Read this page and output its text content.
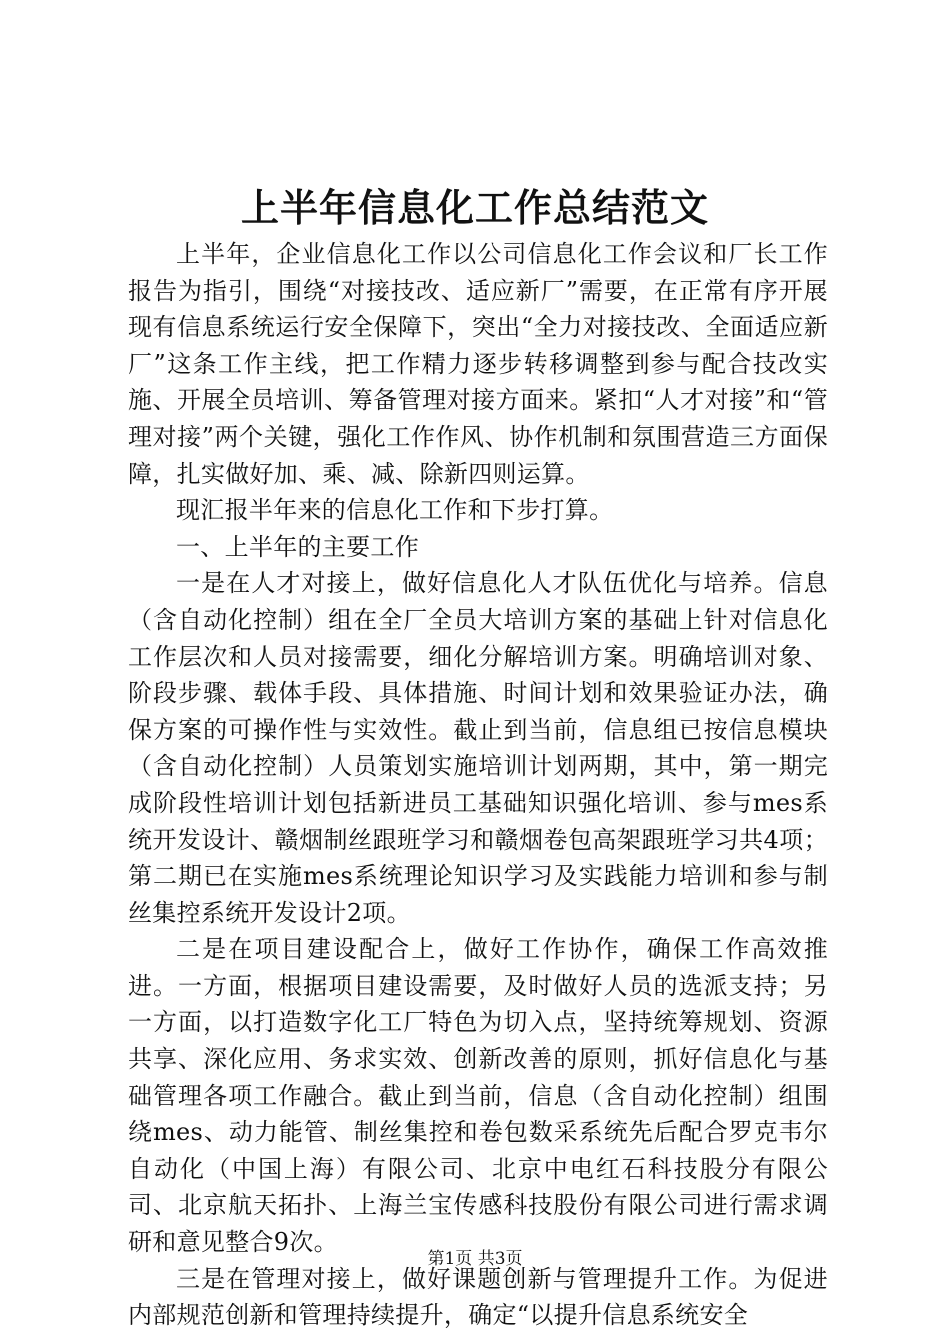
上半年信息化工作总结范文

上半年，企业信息化工作以公司信息化工作会议和厂长工作报告为指引，围绕“对接技改、适应新厂”需要，在正常有序开展现有信息系统运行安全保障下，突出“全力对接技改、全面适应新厂”这条工作主线，把工作精力逐步转移调整到参与配合技改实施、开展全员培训、筹备管理对接方面来。紧扣“人才对接”和“管理对接”两个关键，强化工作作风、协作机制和氛围营造三方面保障，扎实做好加、乘、减、除新四则运算。

现汇报半年来的信息化工作和下步打算。

一、上半年的主要工作

一是在人才对接上，做好信息化人才队伍优化与培养。信息（含自动化控制）组在全厂全员大培训方案的基础上针对信息化工作层次和人员对接需要，细化分解培训方案。明确培训对象、阶段步骤、载体手段、具体措施、时间计划和效果验证办法，确保方案的可操作性与实效性。截止到当前，信息组已按信息模块（含自动化控制）人员策划实施培训计划两期，其中，第一期完成阶段性培训计划包括新进员工基础知识强化培训、参与mes系统开发设计、赣烟制丝跟班学习和赣烟卷包高架跟班学习共4项；第二期已在实施mes系统理论知识学习及实践能力培训和参与制丝集控系统开发设计2项。

二是在项目建设配合上，做好工作协作，确保工作高效推进。一方面，根据项目建设需要，及时做好人员的选派支持；另一方面，以打造数字化工厂特色为切入点，坚持统筹规划、资源共享、深化应用、务求实效、创新改善的原则，抓好信息化与基础管理各项工作融合。截止到当前，信息（含自动化控制）组围绕mes、动力能管、制丝集控和卷包数采系统先后配合罗克韦尔自动化（中国上海）有限公司、北京中电红石科技股分有限公司、北京航天拓扑、上海兰宝传感科技股份有限公司进行需求调研和意见整合9次。

三是在管理对接上，做好课题创新与管理提升工作。为促进内部规范创新和管理持续提升，确定“以提升信息系统安全

第1页 共3页
